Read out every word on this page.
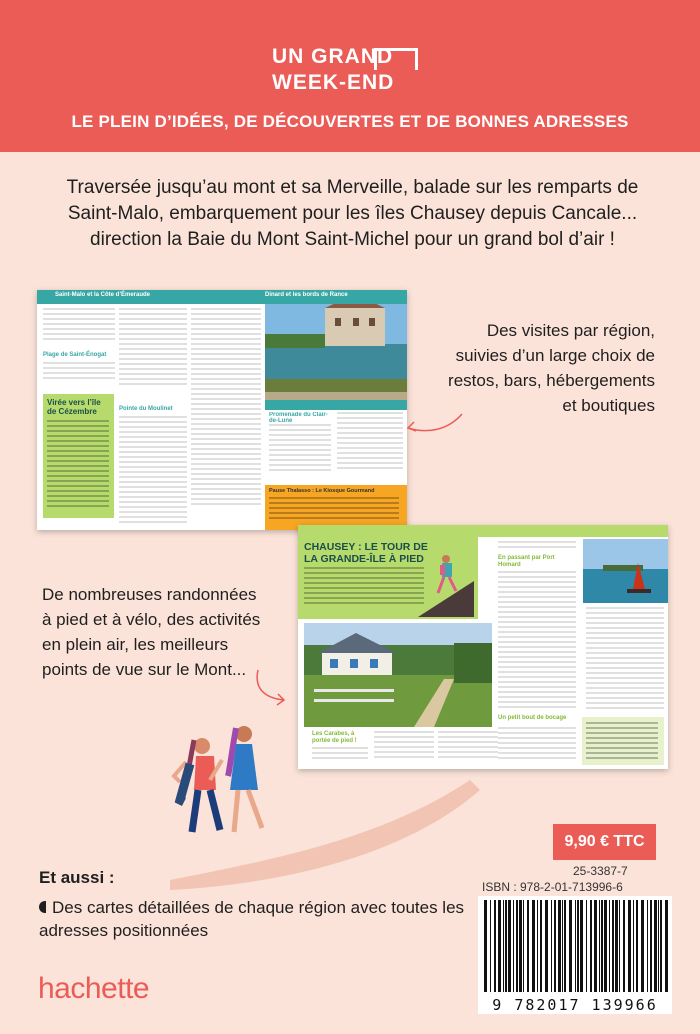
UN GRAND
WEEK-END
LE PLEIN D’IDÉES, DE DÉCOUVERTES ET DE BONNES ADRESSES
Traversée jusqu’au mont et sa Merveille, balade sur les remparts de Saint-Malo, embarquement pour les îles Chausey depuis Cancale... direction la Baie du Mont Saint-Michel pour un grand bol d’air !
Saint-Malo et la Côte d’Émeraude	Dinard et les bords de Rance
Plage de Saint-Énogat
Virée vers l’île de Cézembre	Pointe du Moulinet
Promenade du Clair-de-Lune
Pause Thalasso : Le Kiosque Gourmand
Des visites par région,
suivies d’un large choix de
restos, bars, hébergements
et boutiques
CHAUSEY : LE TOUR DE LA GRANDE-ÎLE À PIED
Les Carabes, à portée de pied !
En passant par Port Homard
Un petit bout de bocage
De nombreuses randonnées
à pied et à vélo, des activités
en plein air, les meilleurs
points de vue sur le Mont...
9,90 € TTC
Et aussi :
Des cartes détaillées de chaque région avec toutes les adresses positionnées
hachette
25-3387-7
ISBN : 978-2-01-713996-6
9 782017 139966
